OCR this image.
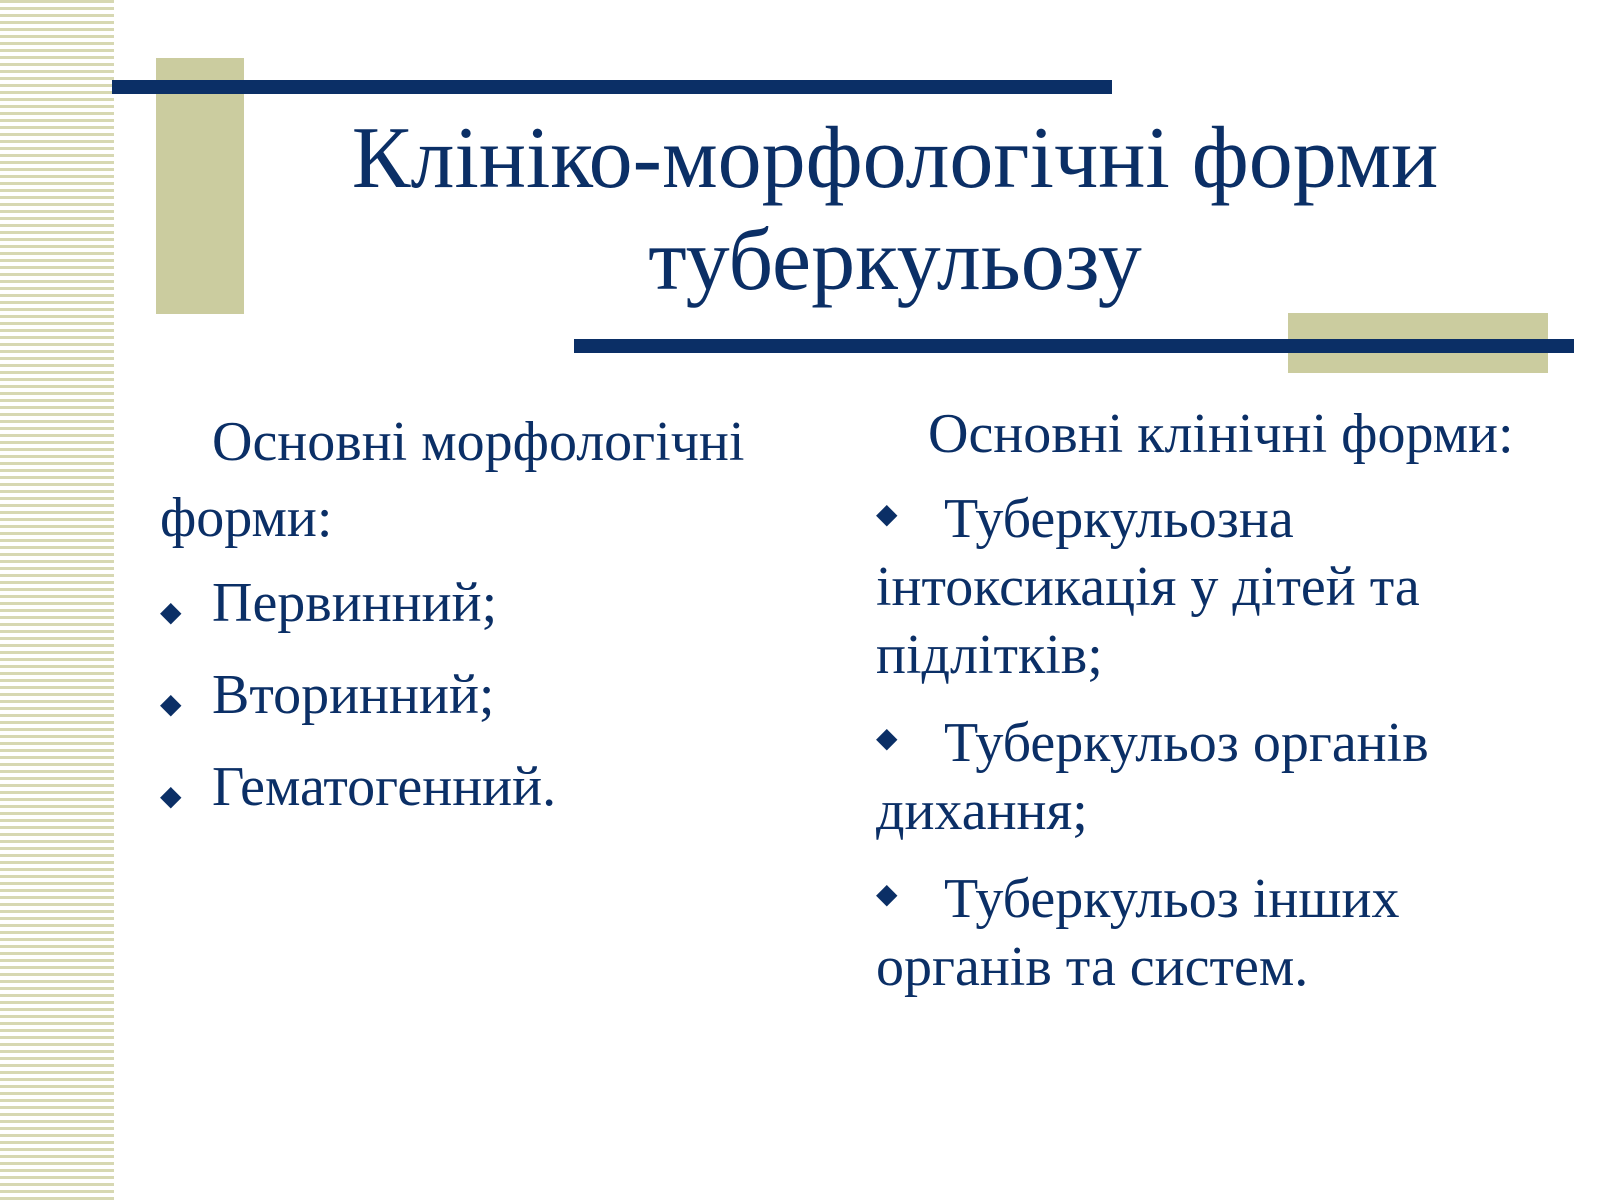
Клініко-морфологічні форми туберкульозу

Основні морфологічні форми:

◆ Первинний;
◆ Вторинний;
◆ Гематогенний.

Основні клінічні форми:

◆ Туберкульозна інтоксикація у дітей та підлітків;
◆ Туберкульоз органів дихання;
◆ Туберкульоз інших органів та систем.
